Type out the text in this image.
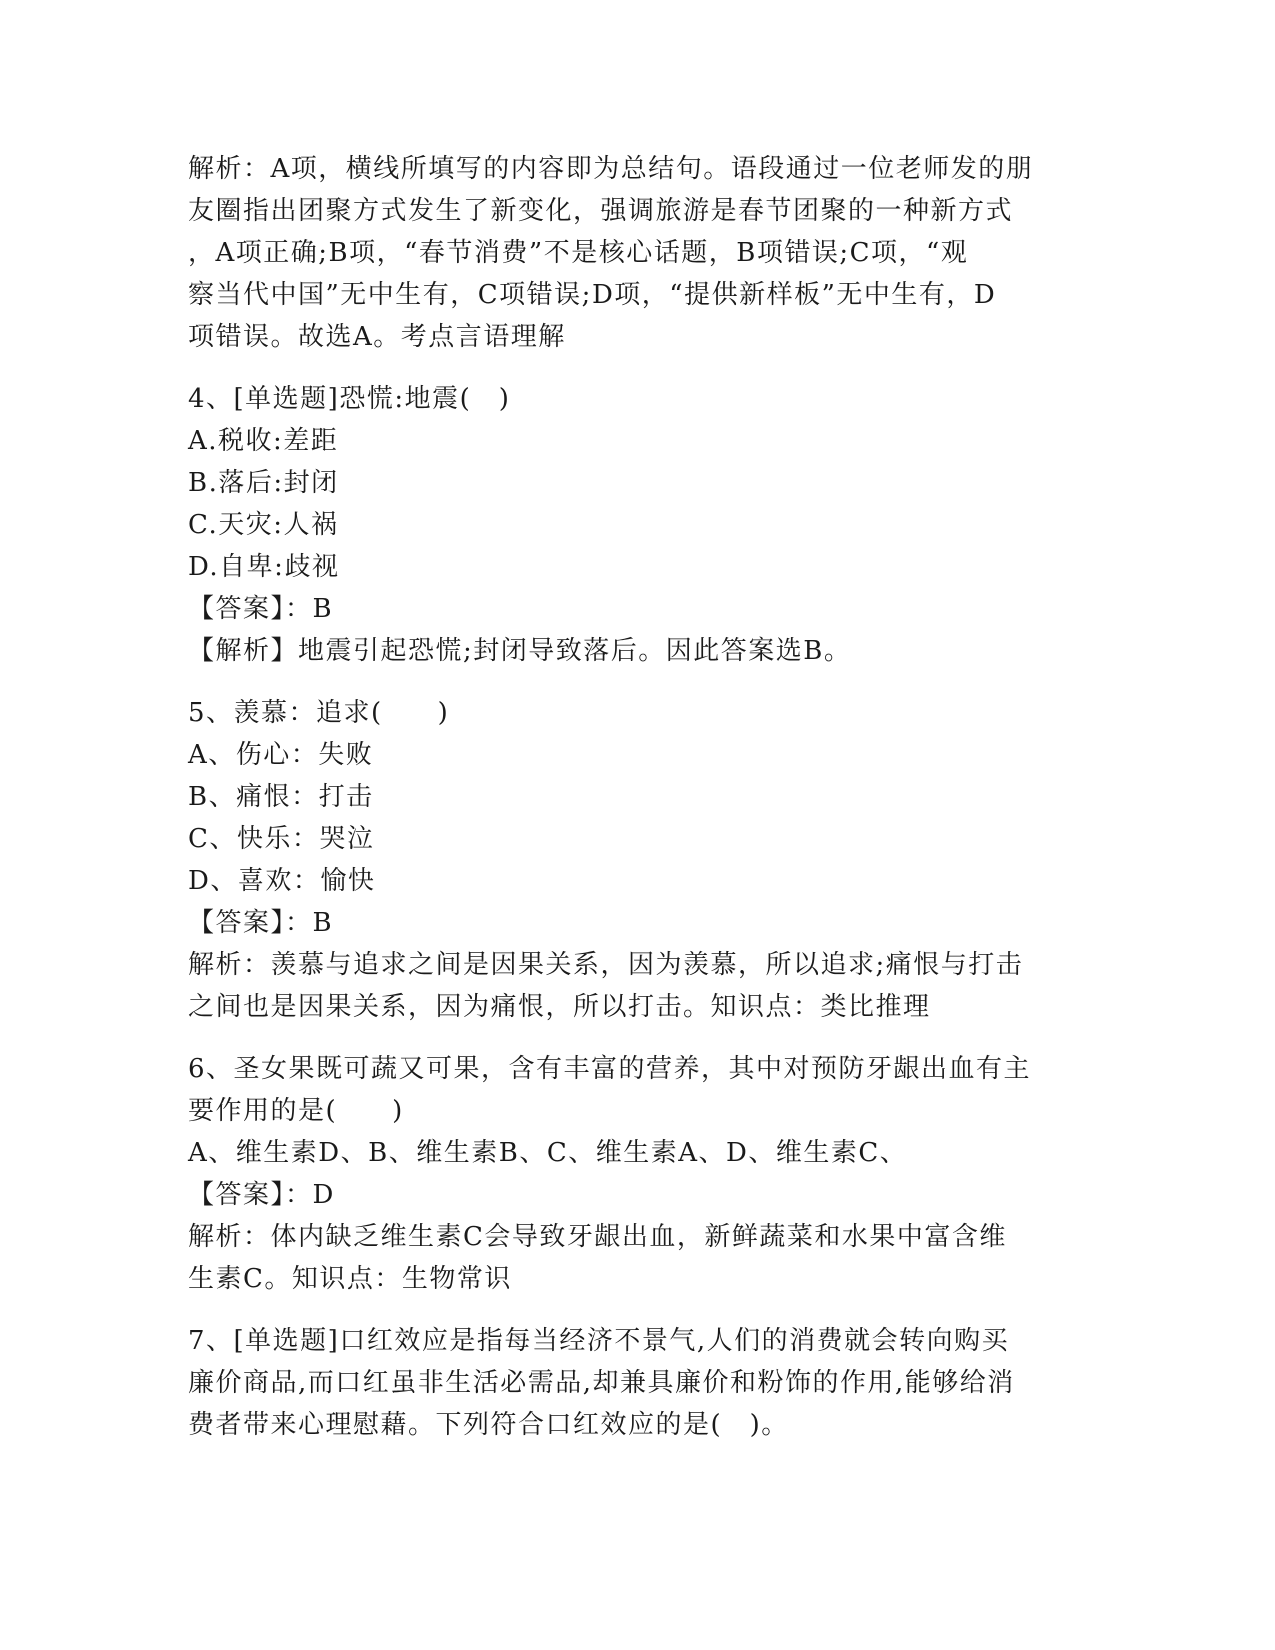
解析：A项，横线所填写的内容即为总结句。语段通过一位老师发的朋
友圈指出团聚方式发生了新变化，强调旅游是春节团聚的一种新方式
，A项正确;B项，“春节消费”不是核心话题，B项错误;C项，“观
察当代中国”无中生有，C项错误;D项，“提供新样板”无中生有，D
项错误。故选A。考点言语理解
4、[单选题]恐慌:地震(　)
A.税收:差距
B.落后:封闭
C.天灾:人祸
D.自卑:歧视
【答案】：B
【解析】地震引起恐慌;封闭导致落后。因此答案选B。
5、羡慕：追求(　　)
A、伤心：失败
B、痛恨：打击
C、快乐：哭泣
D、喜欢：愉快
【答案】：B
解析：羡慕与追求之间是因果关系，因为羡慕，所以追求;痛恨与打击
之间也是因果关系，因为痛恨，所以打击。知识点：类比推理
6、圣女果既可蔬又可果，含有丰富的营养，其中对预防牙龈出血有主
要作用的是(　　)
A、维生素D、B、维生素B、C、维生素A、D、维生素C、
【答案】：D
解析：体内缺乏维生素C会导致牙龈出血，新鲜蔬菜和水果中富含维
生素C。知识点：生物常识
7、[单选题]口红效应是指每当经济不景气,人们的消费就会转向购买
廉价商品,而口红虽非生活必需品,却兼具廉价和粉饰的作用,能够给消
费者带来心理慰藉。下列符合口红效应的是(　)。
